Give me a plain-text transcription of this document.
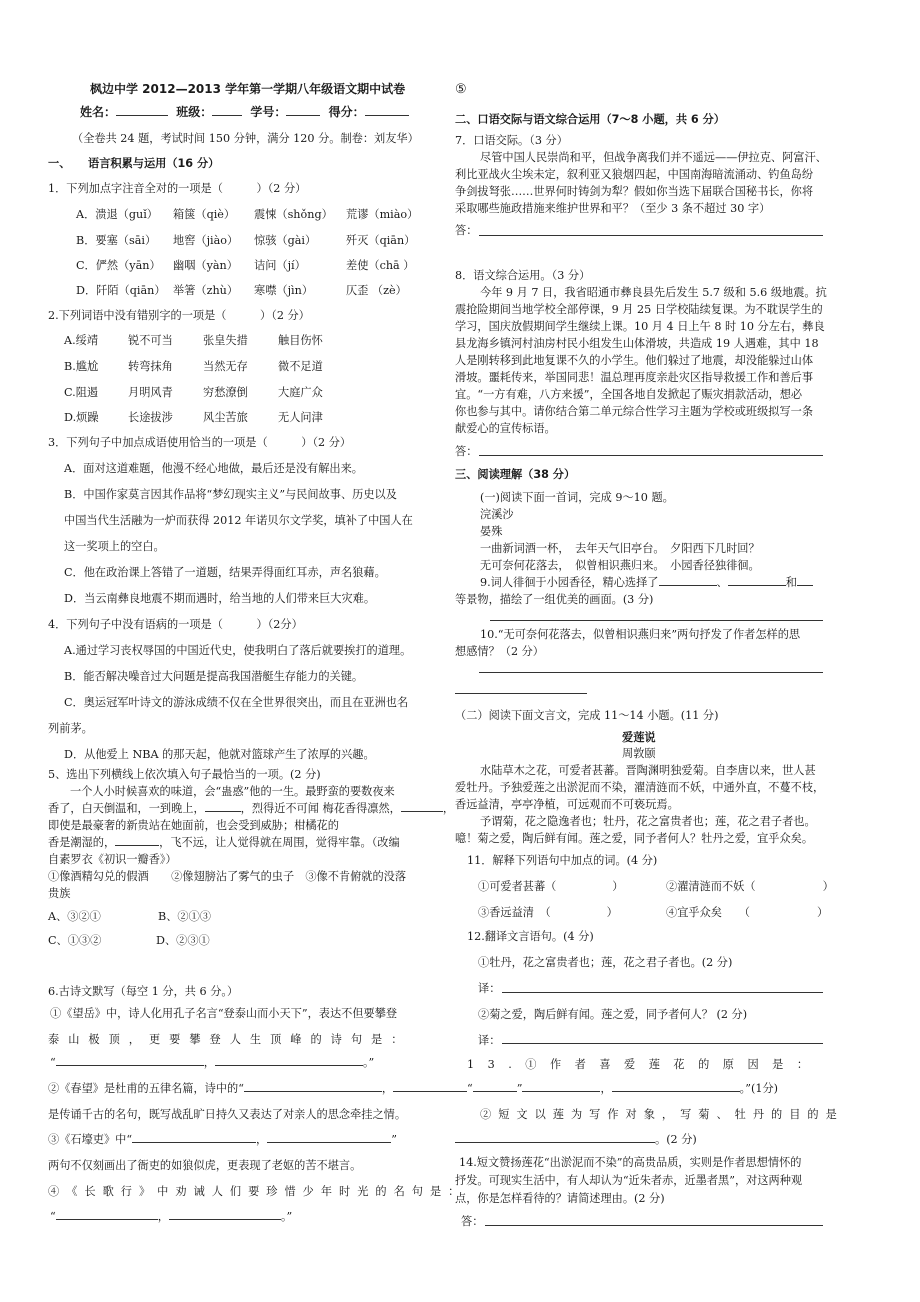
枫边中学 2012—2013 学年第一学期八年级语文期中试卷
姓名：	班级：	学号：	得分：
（全卷共 24 题，考试时间 150 分钟，满分 120 分。制卷：刘友华）
一、 语言积累与运用（16 分）
1．下列加点字注音全对的一项是（　　　）（2 分）
A．溃退（guǐ） 箱箧（qiè） 震悚（shǒng） 荒谬（miào）
B．要塞（sāi） 地窖（jiào） 惊骇（gài）	歼灭（qiān）
C．俨然（yān） 幽咽（yàn） 诘问（jí）	差使（chā ）
D．阡陌（qiān） 举箸（zhù） 寒噤（jìn）	仄歪 （zè）
2.下列词语中没有错别字的一项是（　　　）（2 分）
A.绥靖	锐不可当	张皇失措	触目伤怀
B.尴尬	转弯抹角	当然无存	微不足道
C.阻遏	月明风青	穷愁潦倒	大庭广众
D.烦躁	长途拔涉	风尘苦旅	无人问津
3．下列句子中加点成语使用恰当的一项是（　　　）（2 分）
A．面对这道难题，他漫不经心地做，最后还是没有解出来。
B．中国作家莫言因其作品将“梦幻现实主义”与民间故事、历史以及
中国当代生活融为一炉而获得 2012 年诺贝尔文学奖，填补了中国人在
这一奖项上的空白。
C．他在政治课上答错了一道题，结果弄得面红耳赤，声名狼藉。
D．当云南彝良地震不期而遇时，给当地的人们带来巨大灾难。
4．下列句子中没有语病的一项是（　　　）（2分）
A.通过学习丧权辱国的中国近代史，使我明白了落后就要挨打的道理。
B．能否解决噪音过大问题是提高我国潜艇生存能力的关键。
C．奥运冠军叶诗文的游泳成绩不仅在全世界很突出，而且在亚洲也名
列前茅。
D．从他爱上 NBA 的那天起，他就对篮球产生了浓厚的兴趣。
5、选出下列横线上依次填入句子最恰当的一项。(2 分)
一个人小时候喜欢的味道，会“蛊惑”他的一生。最野蛮的要数夜来
香了，白天倒温和，一到晚上，	，烈得近不可闻 梅花香得凛然，	，
即使是最豪奢的新贵站在她面前，也会受到威胁；柑橘花的
香是潮湿的，	，飞不远，让人觉得就在周围，觉得牢靠。（改编
自素罗衣《初识一瓣香》）
①像酒精勾兑的假酒　　②像翅膀沾了雾气的虫子　③像不肯俯就的没落
贵族
A、③②①	B、②①③
C、①③②	D、②③①
6.古诗文默写（每空 1 分，共 6 分。）
①《望岳》中，诗人化用孔子名言“登泰山而小天下”，表达不但要攀登
泰山极顶，更要攀登人生顶峰的诗句是：
“	，	。”
②《春望》是杜甫的五律名篇，诗中的“	，
是传诵千古的名句，既写战乱旷日持久又表达了对亲人的思念牵挂之情。
③《石壕吏》中“	，	”
两句不仅刻画出了衙吏的如狼似虎，更表现了老妪的苦不堪言。
④《长歌行》中劝诫人们要珍惜少年时光的名句是：
“	，	。”
⑤
二、口语交际与语文综合运用（7～8 小题，共 6 分）
7．口语交际。（3 分）
尽管中国人民崇尚和平，但战争离我们并不遥远——伊拉克、阿富汗、
利比亚战火尘埃未定，叙利亚又狼烟四起，中国南海暗流涌动、钓鱼岛纷
争剑拔弩张……世界何时铸剑为犁？假如你当选下届联合国秘书长，你将
采取哪些施政措施来维护世界和平？（至少 3 条不超过 30 字）
答：
8．语文综合运用。（3 分）
今年 9 月 7 日，我省昭通市彝良县先后发生 5.7 级和 5.6 级地震。抗
震抢险期间当地学校全部停课，9 月 25 日学校陆续复课。为不耽误学生的
学习，国庆放假期间学生继续上课。10 月 4 日上午 8 时 10 分左右，彝良
县龙海乡镇河村油房村民小组发生山体滑坡，共造成 19 人遇难，其中 18
人是刚转移到此地复课不久的小学生。他们躲过了地震，却没能躲过山体
滑坡。噩耗传来，举国同悲！温总理再度亲赴灾区指导救援工作和善后事
宜。“一方有难，八方来援”，全国各地自发掀起了赈灾捐款活动，想必
你也参与其中。请你结合第二单元综合性学习主题为学校或班级拟写一条
献爱心的宣传标语。
答：
三、阅读理解（38 分）
(一)阅读下面一首词，完成 9～10 题。
浣溪沙
晏殊
一曲新词酒一杯，　去年天气旧亭台。　夕阳西下几时回？
无可奈何花落去，　似曾相识燕归来。　小园香径独徘徊。
9.词人徘徊于小园香径，精心选择了	、	和
等景物，描绘了一组优美的画面。(3 分)
10.“无可奈何花落去，似曾相识燕归来”两句抒发了作者怎样的思
想感情？（2 分）
（二）阅读下面文言文，完成 11～14 小题。(11 分)
爱莲说
周敦颐
水陆草木之花，可爱者甚蕃。晋陶渊明独爱菊。自李唐以来，世人甚
爱牡丹。予独爱莲之出淤泥而不染，濯清涟而不妖，中通外直，不蔓不枝，
香远益清，亭亭净植，可远观而不可亵玩焉。
予谓菊，花之隐逸者也；牡丹，花之富贵者也；莲，花之君子者也。
噫！菊之爱，陶后鲜有闻。莲之爱，同予者何人？牡丹之爱，宜乎众矣。
11．解释下列语句中加点的词。(4 分)
①可爱者甚蕃（　　　　　）	②濯清涟而不妖（　　　　　　）
③香远益清　（　　　　　）	④宜乎众矣　　（　　　　　　）
12.翻译文言语句。(4 分)
①牡丹，花之富贵者也；莲，花之君子者也。(2 分)
译：
②菊之爱，陶后鲜有闻。莲之爱，同予者何人？ (2 分)
译：
13.①作者喜爱莲花的原因是：
“	”	，	。”(1分)
②短文以莲为写作对象，写菊、牡丹的目的是
。(2 分)
14.短文赞扬莲花“出淤泥而不染”的高贵品质，实则是作者思想情怀的
抒发。可现实生活中，有人却认为“近朱者赤，近墨者黑”，对这两种观
点，你是怎样看待的？请简述理由。(2 分)
答：
